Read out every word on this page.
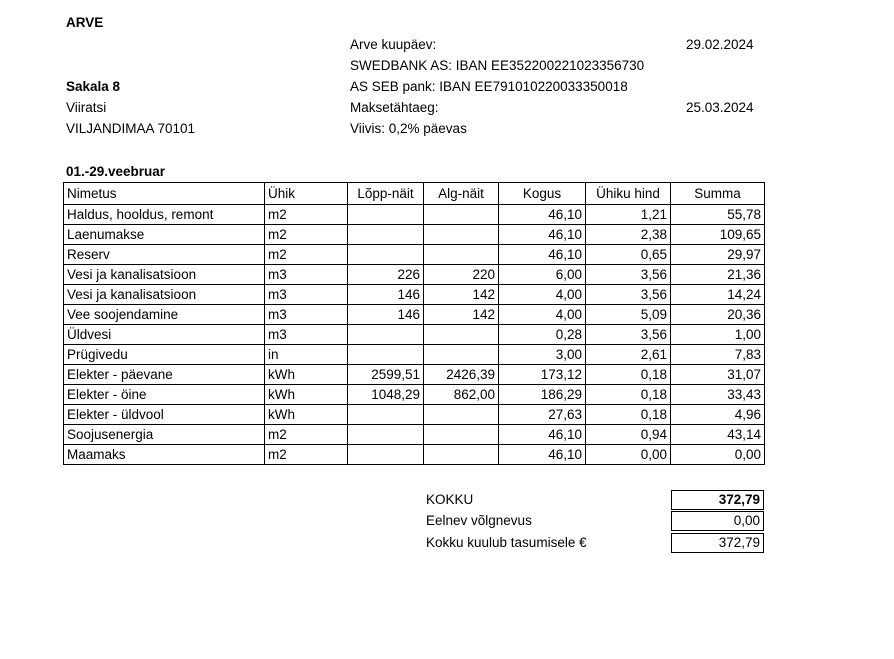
ARVE
Arve kuupäev:	29.02.2024
SWEDBANK AS: IBAN EE352200221023356730
Sakala 8	AS SEB pank: IBAN EE791010220033350018
Viiratsi	Maksetähtaeg:	25.03.2024
VILJANDIMAA 70101	Viivis: 0,2% päevas
01.-29.veebruar
Nimetus	Ühik	Lõpp-näit	Alg-näit	Kogus	Ühiku hind	Summa
Haldus, hooldus, remont	m2			46,10	1,21	55,78
Laenumakse	m2			46,10	2,38	109,65
Reserv	m2			46,10	0,65	29,97
Vesi ja kanalisatsioon	m3	226	220	6,00	3,56	21,36
Vesi ja kanalisatsioon	m3	146	142	4,00	3,56	14,24
Vee soojendamine	m3	146	142	4,00	5,09	20,36
Üldvesi	m3			0,28	3,56	1,00
Prügivedu	in			3,00	2,61	7,83
Elekter - päevane	kWh	2599,51	2426,39	173,12	0,18	31,07
Elekter - öine	kWh	1048,29	862,00	186,29	0,18	33,43
Elekter - üldvool	kWh			27,63	0,18	4,96
Soojusenergia	m2			46,10	0,94	43,14
Maamaks	m2			46,10	0,00	0,00
KOKKU	372,79
Eelnev võlgnevus	0,00
Kokku kuulub tasumisele €	372,79
